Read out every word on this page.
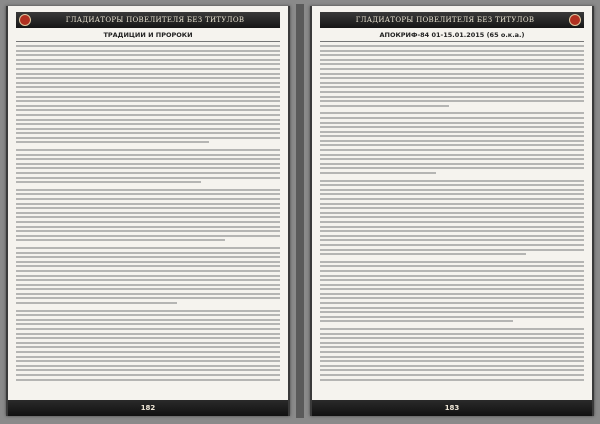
ГЛАДИАТОРЫ ПОВЕЛИТЕЛЯ БЕЗ ТИТУЛОВ
ТРАДИЦИИ И ПРОРОКИ
182
ГЛАДИАТОРЫ ПОВЕЛИТЕЛЯ БЕЗ ТИТУЛОВ
АПОКРИФ-84 01-15.01.2015 (65 о.к.а.)
183
